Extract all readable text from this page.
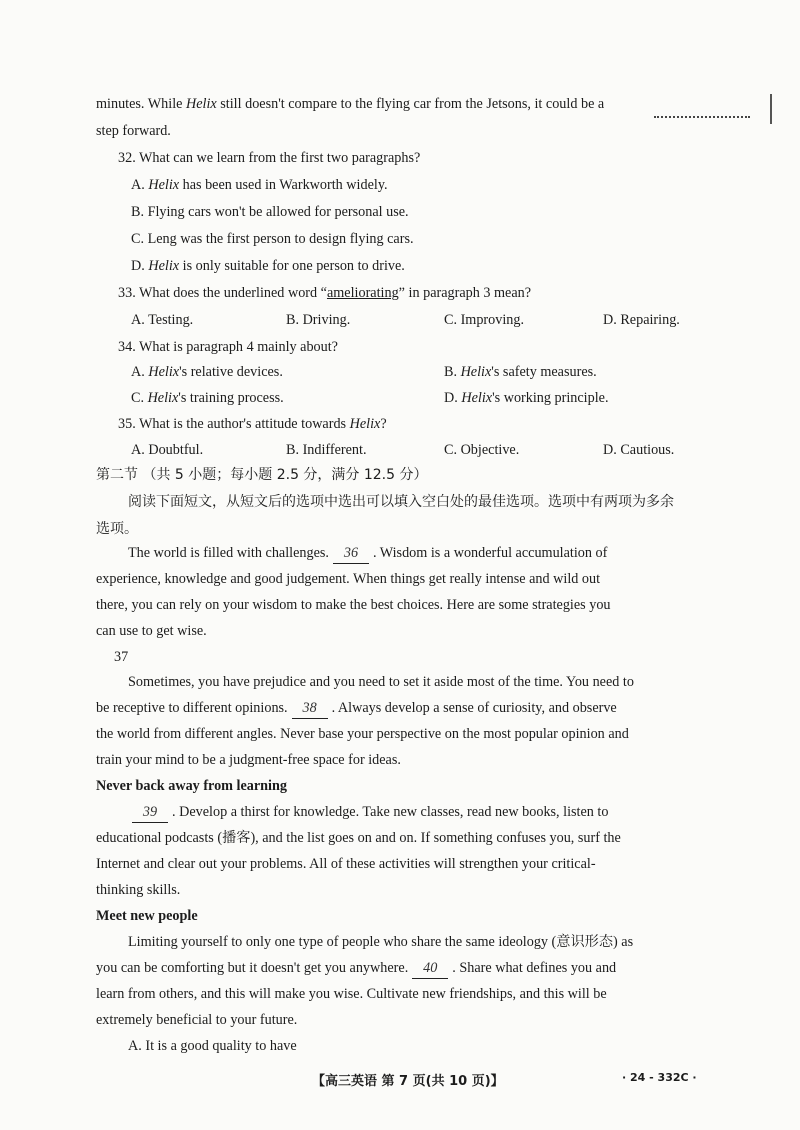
minutes. While Helix still doesn't compare to the flying car from the Jetsons, it could be a
step forward.
32. What can we learn from the first two paragraphs?
A. Helix has been used in Warkworth widely.
B. Flying cars won't be allowed for personal use.
C. Leng was the first person to design flying cars.
D. Helix is only suitable for one person to drive.
33. What does the underlined word “ameliorating” in paragraph 3 mean?
A. Testing.	B. Driving.	C. Improving.	D. Repairing.
34. What is paragraph 4 mainly about?
A. Helix's relative devices.	B. Helix's safety measures.
C. Helix's training process.	D. Helix's working principle.
35. What is the author's attitude towards Helix?
A. Doubtful.	B. Indifferent.	C. Objective.	D. Cautious.
第二节 （共 5 小题；每小题 2.5 分，满分 12.5 分）
阅读下面短文，从短文后的选项中选出可以填入空白处的最佳选项。选项中有两项为多余
选项。
The world is filled with challenges. 36 . Wisdom is a wonderful accumulation of
experience, knowledge and good judgement. When things get really intense and wild out
there, you can rely on your wisdom to make the best choices. Here are some strategies you
can use to get wise.
37
Sometimes, you have prejudice and you need to set it aside most of the time. You need to
be receptive to different opinions. 38 . Always develop a sense of curiosity, and observe
the world from different angles. Never base your perspective on the most popular opinion and
train your mind to be a judgment-free space for ideas.
Never back away from learning
39 . Develop a thirst for knowledge. Take new classes, read new books, listen to
educational podcasts (播客), and the list goes on and on. If something confuses you, surf the
Internet and clear out your problems. All of these activities will strengthen your critical-
thinking skills.
Meet new people
Limiting yourself to only one type of people who share the same ideology (意识形态) as
you can be comforting but it doesn't get you anywhere. 40 . Share what defines you and
learn from others, and this will make you wise. Cultivate new friendships, and this will be
extremely beneficial to your future.
A. It is a good quality to have
【高三英语 第 7 页(共 10 页)】	· 24 - 332C ·
